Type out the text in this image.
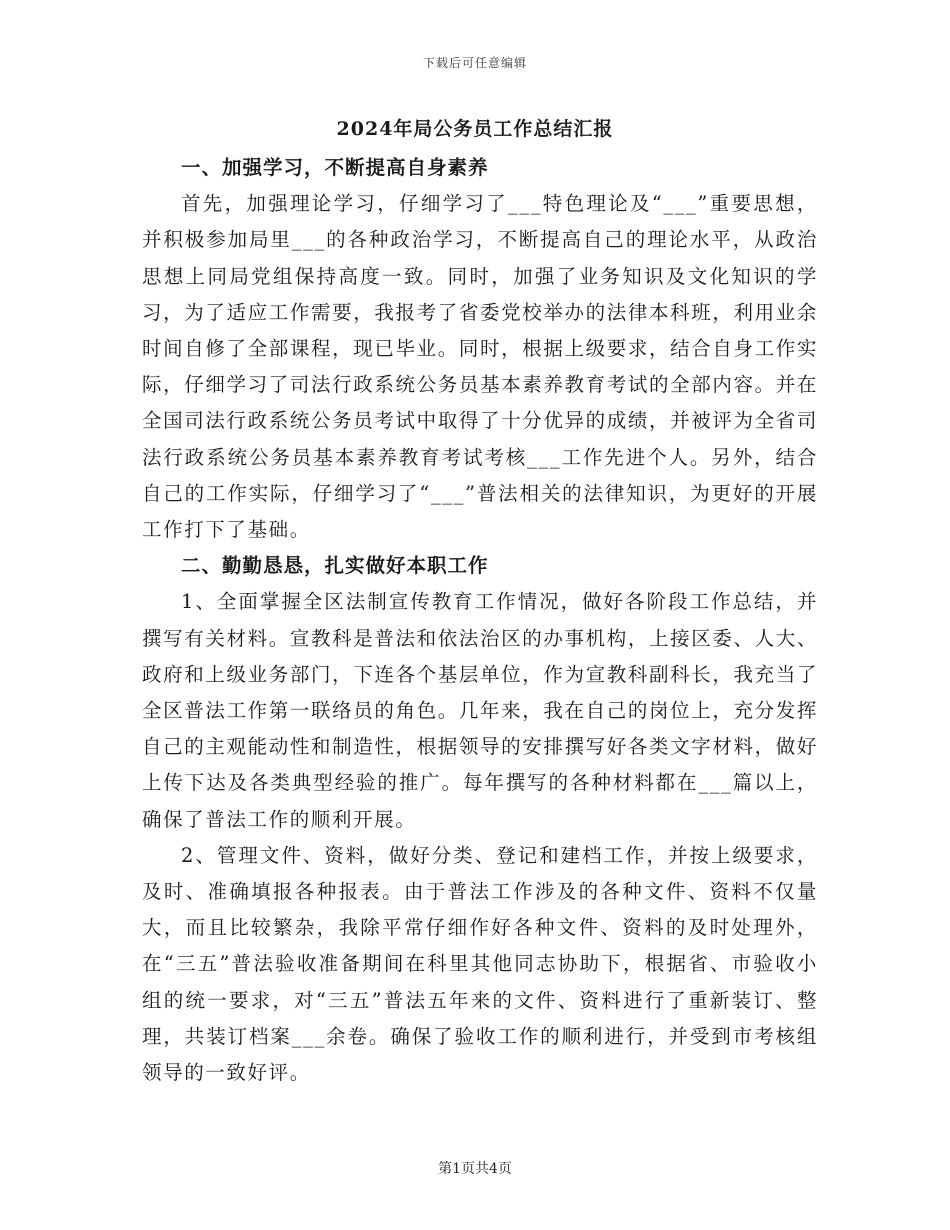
下载后可任意编辑
2024年局公务员工作总结汇报

一、加强学习，不断提高自身素养

首先，加强理论学习，仔细学习了___特色理论及“___”重要思想，并积极参加局里___的各种政治学习，不断提高自己的理论水平，从政治思想上同局党组保持高度一致。同时，加强了业务知识及文化知识的学习，为了适应工作需要，我报考了省委党校举办的法律本科班，利用业余时间自修了全部课程，现已毕业。同时，根据上级要求，结合自身工作实际，仔细学习了司法行政系统公务员基本素养教育考试的全部内容。并在全国司法行政系统公务员考试中取得了十分优异的成绩，并被评为全省司法行政系统公务员基本素养教育考试考核___工作先进个人。另外，结合自己的工作实际，仔细学习了“___”普法相关的法律知识，为更好的开展工作打下了基础。

二、勤勤恳恳，扎实做好本职工作

1、全面掌握全区法制宣传教育工作情况，做好各阶段工作总结，并撰写有关材料。宣教科是普法和依法治区的办事机构，上接区委、人大、政府和上级业务部门，下连各个基层单位，作为宣教科副科长，我充当了全区普法工作第一联络员的角色。几年来，我在自己的岗位上，充分发挥自己的主观能动性和制造性，根据领导的安排撰写好各类文字材料，做好上传下达及各类典型经验的推广。每年撰写的各种材料都在___篇以上，确保了普法工作的顺利开展。

2、管理文件、资料，做好分类、登记和建档工作，并按上级要求，及时、准确填报各种报表。由于普法工作涉及的各种文件、资料不仅量大，而且比较繁杂，我除平常仔细作好各种文件、资料的及时处理外，在“三五”普法验收准备期间在科里其他同志协助下，根据省、市验收小组的统一要求，对“三五”普法五年来的文件、资料进行了重新装订、整理，共装订档案___余卷。确保了验收工作的顺利进行，并受到市考核组领导的一致好评。

第1页共4页
